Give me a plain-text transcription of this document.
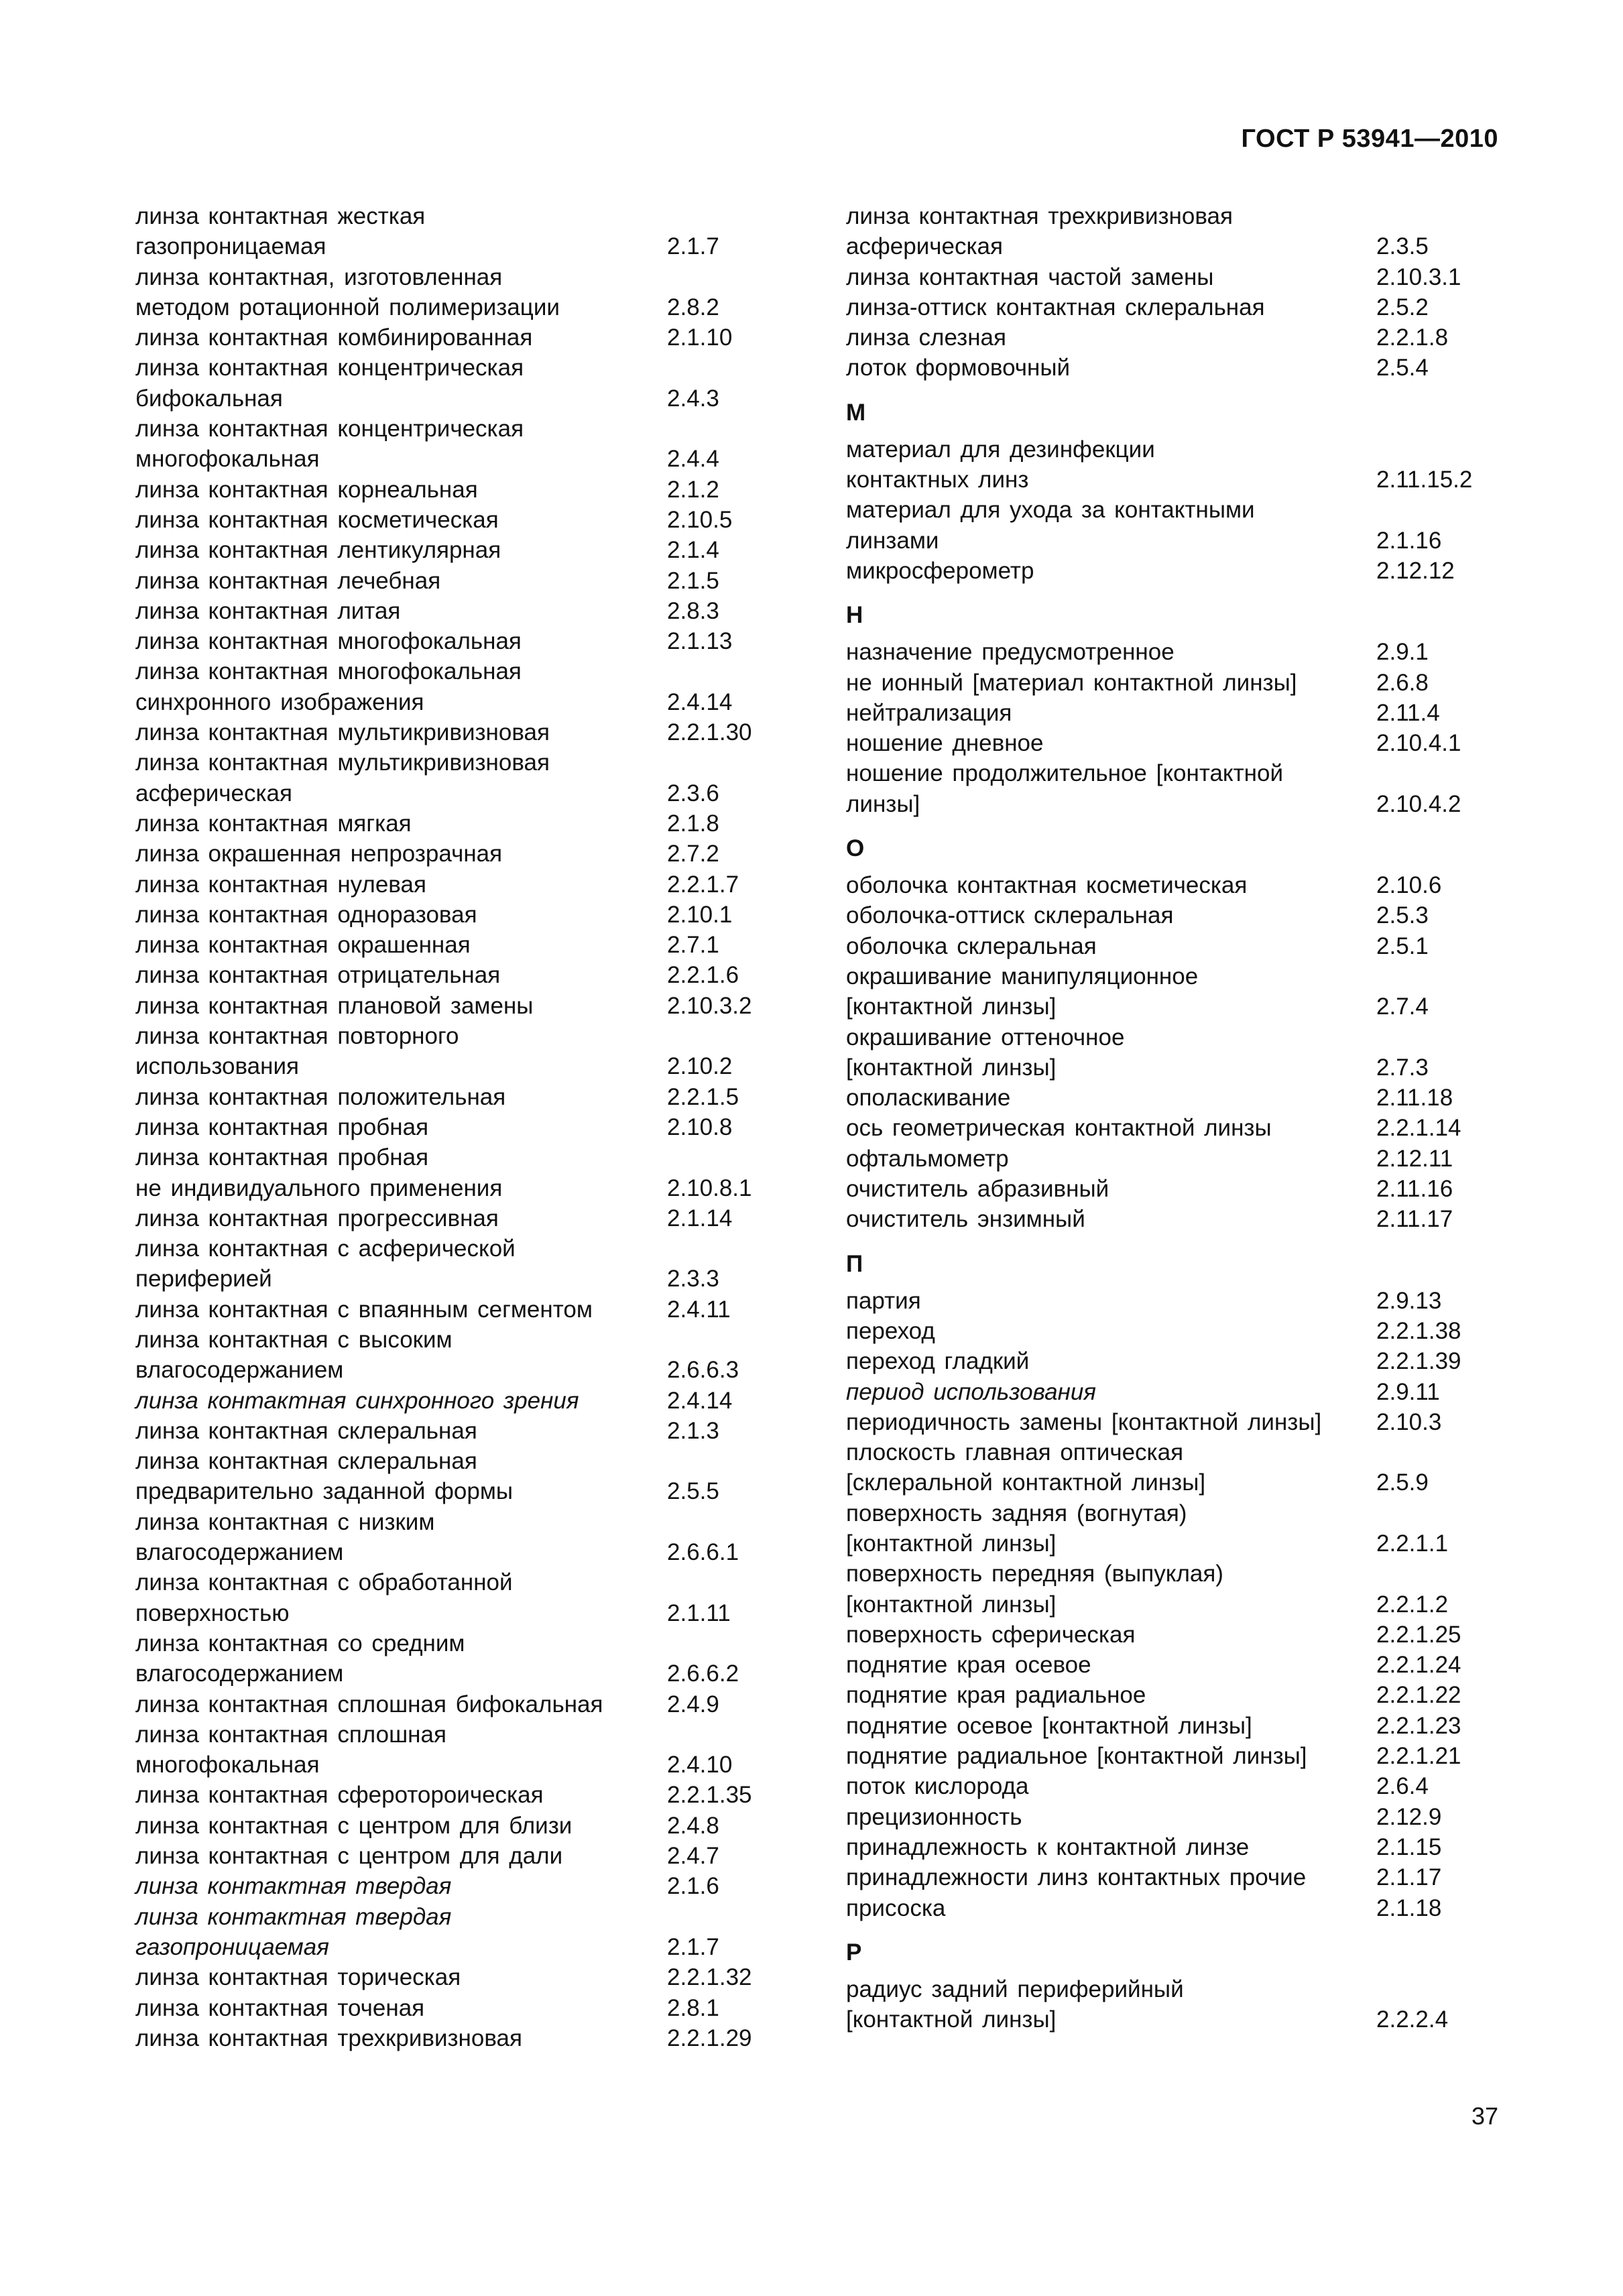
ГОСТ Р 53941—2010
линза контактная жесткая
газопроницаемая	2.1.7
линза контактная, изготовленная
методом ротационной полимеризации	2.8.2
линза контактная комбинированная	2.1.10
линза контактная концентрическая
бифокальная	2.4.3
линза контактная концентрическая
многофокальная	2.4.4
линза контактная корнеальная	2.1.2
линза контактная косметическая	2.10.5
линза контактная лентикулярная	2.1.4
линза контактная лечебная	2.1.5
линза контактная литая	2.8.3
линза контактная многофокальная	2.1.13
линза контактная многофокальная
синхронного изображения	2.4.14
линза контактная мультикривизновая	2.2.1.30
линза контактная мультикривизновая
асферическая	2.3.6
линза контактная мягкая	2.1.8
линза окрашенная непрозрачная	2.7.2
линза контактная нулевая	2.2.1.7
линза контактная одноразовая	2.10.1
линза контактная окрашенная	2.7.1
линза контактная отрицательная	2.2.1.6
линза контактная плановой замены	2.10.3.2
линза контактная повторного
использования	2.10.2
линза контактная положительная	2.2.1.5
линза контактная пробная	2.10.8
линза контактная пробная
не индивидуального применения	2.10.8.1
линза контактная прогрессивная	2.1.14
линза контактная с асферической
периферией	2.3.3
линза контактная с впаянным сегментом	2.4.11
линза контактная с высоким
влагосодержанием	2.6.6.3
линза контактная синхронного зрения	2.4.14
линза контактная склеральная	2.1.3
линза контактная склеральная
предварительно заданной формы	2.5.5
линза контактная с низким
влагосодержанием	2.6.6.1
линза контактная с обработанной
поверхностью	2.1.11
линза контактная со средним
влагосодержанием	2.6.6.2
линза контактная сплошная бифокальная	2.4.9
линза контактная сплошная
многофокальная	2.4.10
линза контактная сферотороическая	2.2.1.35
линза контактная с центром для близи	2.4.8
линза контактная с центром для дали	2.4.7
линза контактная твердая	2.1.6
линза контактная твердая
газопроницаемая	2.1.7
линза контактная торическая	2.2.1.32
линза контактная точеная	2.8.1
линза контактная трехкривизновая	2.2.1.29
линза контактная трехкривизновая
асферическая	2.3.5
линза контактная частой замены	2.10.3.1
линза-оттиск контактная склеральная	2.5.2
линза слезная	2.2.1.8
лоток формовочный	2.5.4
М
материал для дезинфекции
контактных линз	2.11.15.2
материал для ухода за контактными
линзами	2.1.16
микросферометр	2.12.12
Н
назначение предусмотренное	2.9.1
не ионный [материал контактной линзы]	2.6.8
нейтрализация	2.11.4
ношение дневное	2.10.4.1
ношение продолжительное [контактной
линзы]	2.10.4.2
О
оболочка контактная косметическая	2.10.6
оболочка-оттиск склеральная	2.5.3
оболочка склеральная	2.5.1
окрашивание манипуляционное
[контактной линзы]	2.7.4
окрашивание оттеночное
[контактной линзы]	2.7.3
ополаскивание	2.11.18
ось геометрическая контактной линзы	2.2.1.14
офтальмометр	2.12.11
очиститель абразивный	2.11.16
очиститель энзимный	2.11.17
П
партия	2.9.13
переход	2.2.1.38
переход гладкий	2.2.1.39
период использования	2.9.11
периодичность замены [контактной линзы] 2.10.3
плоскость главная оптическая
[склеральной контактной линзы]	2.5.9
поверхность задняя (вогнутая)
[контактной линзы]	2.2.1.1
поверхность передняя (выпуклая)
[контактной линзы]	2.2.1.2
поверхность сферическая	2.2.1.25
поднятие края осевое	2.2.1.24
поднятие края радиальное	2.2.1.22
поднятие осевое [контактной линзы]	2.2.1.23
поднятие радиальное [контактной линзы]	2.2.1.21
поток кислорода	2.6.4
прецизионность	2.12.9
принадлежность к контактной линзе	2.1.15
принадлежности линз контактных прочие	2.1.17
присоска	2.1.18
Р
радиус задний периферийный
[контактной линзы]	2.2.2.4
37
